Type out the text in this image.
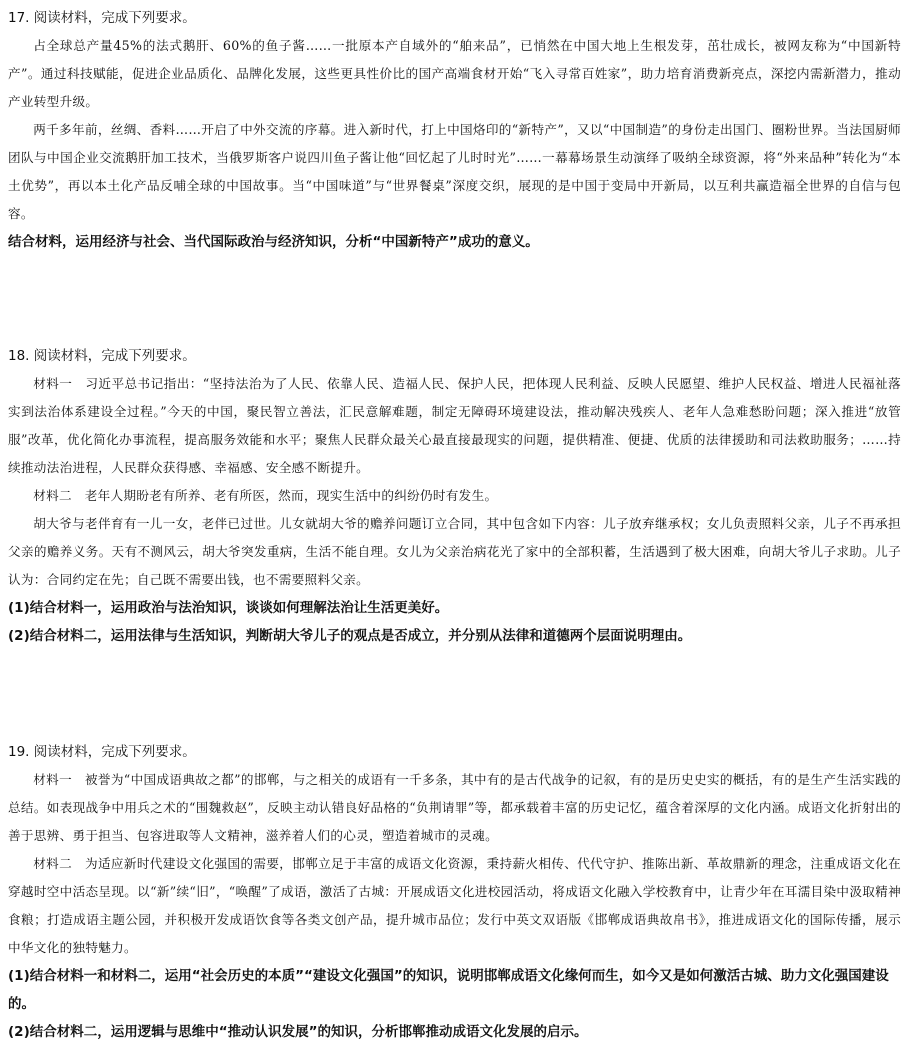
17. 阅读材料，完成下列要求。

占全球总产量45%的法式鹅肝、60%的鱼子酱……一批原本产自域外的“舶来品”，已悄然在中国大地上生根发芽，茁壮成长，被网友称为“中国新特产”。通过科技赋能，促进企业品质化、品牌化发展，这些更具性价比的国产高端食材开始“飞入寻常百姓家”，助力培育消费新亮点，深挖内需新潜力，推动产业转型升级。

两千多年前，丝绸、香料……开启了中外交流的序幕。进入新时代，打上中国烙印的“新特产”，又以“中国制造”的身份走出国门、圈粉世界。当法国厨师团队与中国企业交流鹅肝加工技术，当俄罗斯客户说四川鱼子酱让他“回忆起了儿时时光”……一幕幕场景生动演绎了吸纳全球资源，将“外来品种”转化为“本土优势”，再以本土化产品反哺全球的中国故事。当“中国味道”与“世界餐桌”深度交织，展现的是中国于变局中开新局，以互利共赢造福全世界的自信与包容。

结合材料，运用经济与社会、当代国际政治与经济知识，分析“中国新特产”成功的意义。

18. 阅读材料，完成下列要求。

材料一　习近平总书记指出：“坚持法治为了人民、依靠人民、造福人民、保护人民，把体现人民利益、反映人民愿望、维护人民权益、增进人民福祉落实到法治体系建设全过程。”今天的中国，聚民智立善法，汇民意解难题，制定无障碍环境建设法，推动解决残疾人、老年人急难愁盼问题；深入推进“放管服”改革，优化简化办事流程，提高服务效能和水平；聚焦人民群众最关心最直接最现实的问题，提供精准、便捷、优质的法律援助和司法救助服务；……持续推动法治进程，人民群众获得感、幸福感、安全感不断提升。

材料二　老年人期盼老有所养、老有所医，然而，现实生活中的纠纷仍时有发生。

胡大爷与老伴育有一儿一女，老伴已过世。儿女就胡大爷的赡养问题订立合同，其中包含如下内容：儿子放弃继承权；女儿负责照料父亲，儿子不再承担父亲的赡养义务。天有不测风云，胡大爷突发重病，生活不能自理。女儿为父亲治病花光了家中的全部积蓄，生活遇到了极大困难，向胡大爷儿子求助。儿子认为：合同约定在先；自己既不需要出钱，也不需要照料父亲。

(1)结合材料一，运用政治与法治知识，谈谈如何理解法治让生活更美好。

(2)结合材料二，运用法律与生活知识，判断胡大爷儿子的观点是否成立，并分别从法律和道德两个层面说明理由。

19. 阅读材料，完成下列要求。

材料一　被誉为“中国成语典故之都”的邯郸，与之相关的成语有一千多条，其中有的是古代战争的记叙，有的是历史史实的概括，有的是生产生活实践的总结。如表现战争中用兵之术的“围魏救赵”，反映主动认错良好品格的“负荆请罪”等，都承载着丰富的历史记忆，蕴含着深厚的文化内涵。成语文化折射出的善于思辨、勇于担当、包容进取等人文精神，滋养着人们的心灵，塑造着城市的灵魂。

材料二　为适应新时代建设文化强国的需要，邯郸立足于丰富的成语文化资源，秉持薪火相传、代代守护、推陈出新、革故鼎新的理念，注重成语文化在穿越时空中活态呈现。以“新”续“旧”，“唤醒”了成语，激活了古城：开展成语文化进校园活动，将成语文化融入学校教育中，让青少年在耳濡目染中汲取精神食粮；打造成语主题公园，并积极开发成语饮食等各类文创产品，提升城市品位；发行中英文双语版《邯郸成语典故帛书》，推进成语文化的国际传播，展示中华文化的独特魅力。

(1)结合材料一和材料二，运用“社会历史的本质”“建设文化强国”的知识，说明邯郸成语文化缘何而生，如今又是如何激活古城、助力文化强国建设的。

(2)结合材料二，运用逻辑与思维中“推动认识发展”的知识，分析邯郸推动成语文化发展的启示。
